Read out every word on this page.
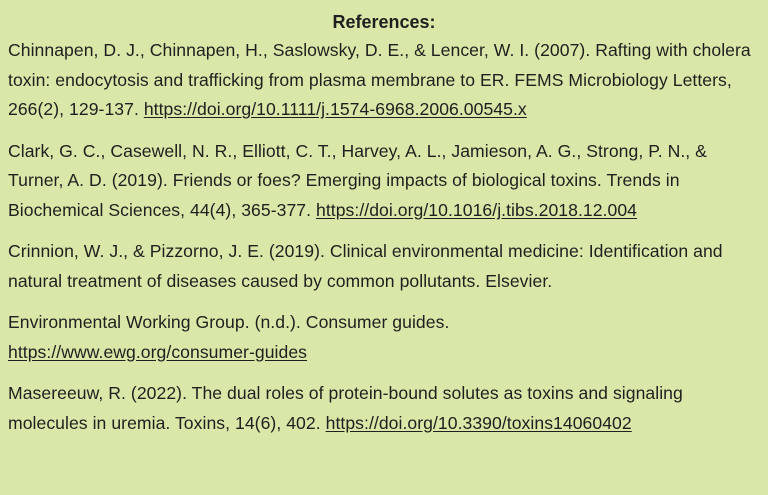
References:

Chinnapen, D. J., Chinnapen, H., Saslowsky, D. E., & Lencer, W. I. (2007). Rafting with cholera toxin: endocytosis and trafficking from plasma membrane to ER. FEMS Microbiology Letters, 266(2), 129-137. https://doi.org/10.1111/j.1574-6968.2006.00545.x

Clark, G. C., Casewell, N. R., Elliott, C. T., Harvey, A. L., Jamieson, A. G., Strong, P. N., & Turner, A. D. (2019). Friends or foes? Emerging impacts of biological toxins. Trends in Biochemical Sciences, 44(4), 365-377. https://doi.org/10.1016/j.tibs.2018.12.004

Crinnion, W. J., & Pizzorno, J. E. (2019). Clinical environmental medicine: Identification and natural treatment of diseases caused by common pollutants. Elsevier.

Environmental Working Group. (n.d.). Consumer guides.
https://www.ewg.org/consumer-guides

Masereeuw, R. (2022). The dual roles of protein-bound solutes as toxins and signaling molecules in uremia. Toxins, 14(6), 402. https://doi.org/10.3390/toxins14060402
